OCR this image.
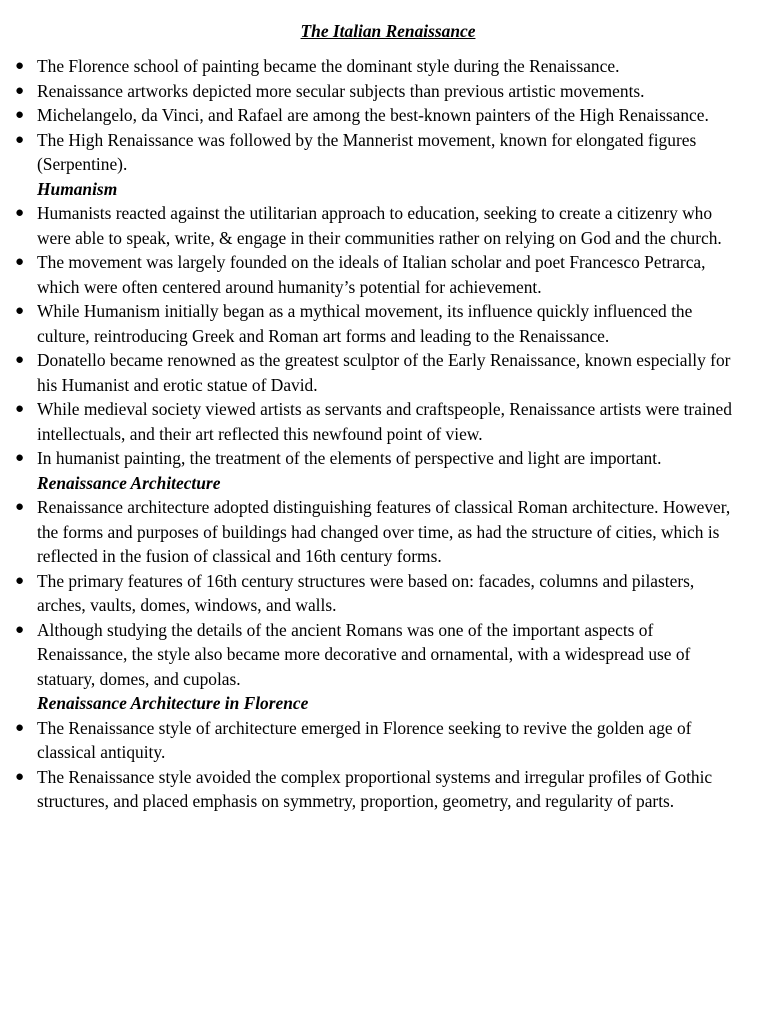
The Italian Renaissance
● The Florence school of painting became the dominant style during the Renaissance.
● Renaissance artworks depicted more secular subjects than previous artistic movements.
● Michelangelo, da Vinci, and Rafael are among the best-known painters of the High Renaissance.
● The High Renaissance was followed by the Mannerist movement, known for elongated figures (Serpentine).
Humanism
● Humanists reacted against the utilitarian approach to education, seeking to create a citizenry who were able to speak, write, & engage in their communities rather on relying on God and the church.
● The movement was largely founded on the ideals of Italian scholar and poet Francesco Petrarca, which were often centered around humanity’s potential for achievement.
● While Humanism initially began as a mythical movement, its influence quickly influenced the culture, reintroducing Greek and Roman art forms and leading to the Renaissance.
● Donatello became renowned as the greatest sculptor of the Early Renaissance, known especially for his Humanist and erotic statue of David.
● While medieval society viewed artists as servants and craftspeople, Renaissance artists were trained intellectuals, and their art reflected this newfound point of view.
● In humanist painting, the treatment of the elements of perspective and light are important.
Renaissance Architecture
● Renaissance architecture adopted distinguishing features of classical Roman architecture. However, the forms and purposes of buildings had changed over time, as had the structure of cities, which is reflected in the fusion of classical and 16th century forms.
● The primary features of 16th century structures were based on: facades, columns and pilasters, arches, vaults, domes, windows, and walls.
● Although studying the details of the ancient Romans was one of the important aspects of Renaissance, the style also became more decorative and ornamental, with a widespread use of statuary, domes, and cupolas.
Renaissance Architecture in Florence
● The Renaissance style of architecture emerged in Florence seeking to revive the golden age of classical antiquity.
● The Renaissance style avoided the complex proportional systems and irregular profiles of Gothic structures, and placed emphasis on symmetry, proportion, geometry, and regularity of parts.
